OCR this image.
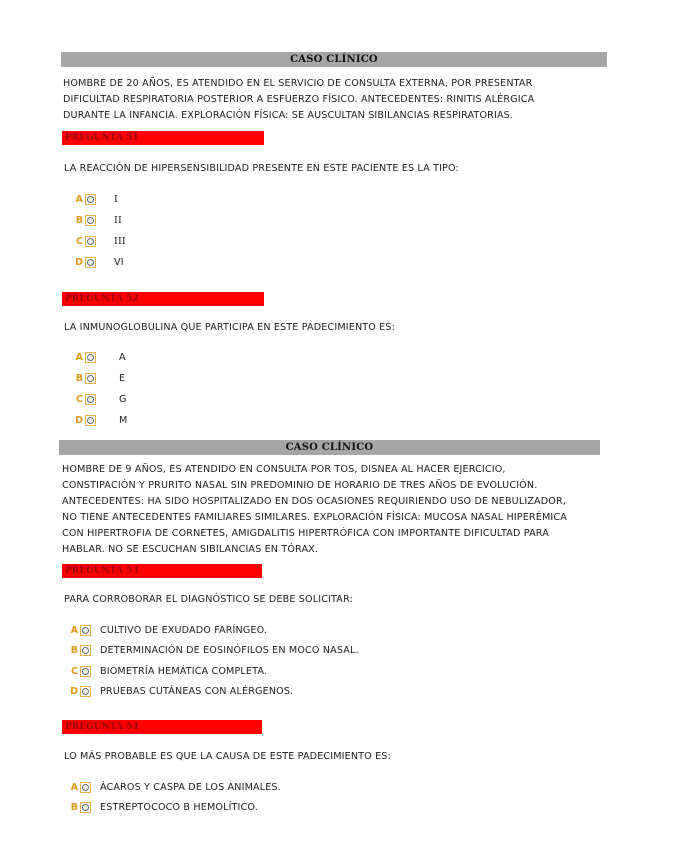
CASO CLÍNICO
HOMBRE DE 20 AÑOS, ES ATENDIDO EN EL SERVICIO DE CONSULTA EXTERNA, POR PRESENTAR
DIFICULTAD RESPIRATORIA POSTERIOR A ESFUERZO FÍSICO. ANTECEDENTES: RINITIS ALÉRGICA
DURANTE LA INFANCIA. EXPLORACIÓN FÍSICA: SE AUSCULTAN SIBILANCIAS RESPIRATORIAS.
PREGUNTA 51
LA REACCIÓN DE HIPERSENSIBILIDAD PRESENTE EN ESTE PACIENTE ES LA TIPO:
A	I
B	II
C	III
D	VI
PREGUNTA 52
LA INMUNOGLOBULINA QUE PARTICIPA EN ESTE PADECIMIENTO ES:
A	A
B	E
C	G
D	M
CASO CLÍNICO
HOMBRE DE 9 AÑOS, ES ATENDIDO EN CONSULTA POR TOS, DISNEA AL HACER EJERCICIO,
CONSTIPACIÓN Y PRURITO NASAL SIN PREDOMINIO DE HORARIO DE TRES AÑOS DE EVOLUCIÓN.
ANTECEDENTES: HA SIDO HOSPITALIZADO EN DOS OCASIONES REQUIRIENDO USO DE NEBULIZADOR,
NO TIENE ANTECEDENTES FAMILIARES SIMILARES. EXPLORACIÓN FÍSICA: MUCOSA NASAL HIPERÉMICA
CON HIPERTROFIA DE CORNETES, AMIGDALITIS HIPERTRÓFICA CON IMPORTANTE DIFICULTAD PARA
HABLAR. NO SE ESCUCHAN SIBILANCIAS EN TÓRAX.
PREGUNTA 53
PARA CORROBORAR EL DIAGNÓSTICO SE DEBE SOLICITAR:
A CULTIVO DE EXUDADO FARÍNGEO.
B DETERMINACIÓN DE EOSINÓFILOS EN MOCO NASAL.
C BIOMETRÍA HEMÁTICA COMPLETA.
D PRUEBAS CUTÁNEAS CON ALÉRGENOS.
PREGUNTA 54
LO MÁS PROBABLE ES QUE LA CAUSA DE ESTE PADECIMIENTO ES:
A ÁCAROS Y CASPA DE LOS ANIMALES.
B ESTREPTOCOCO B HEMOLÍTICO.
